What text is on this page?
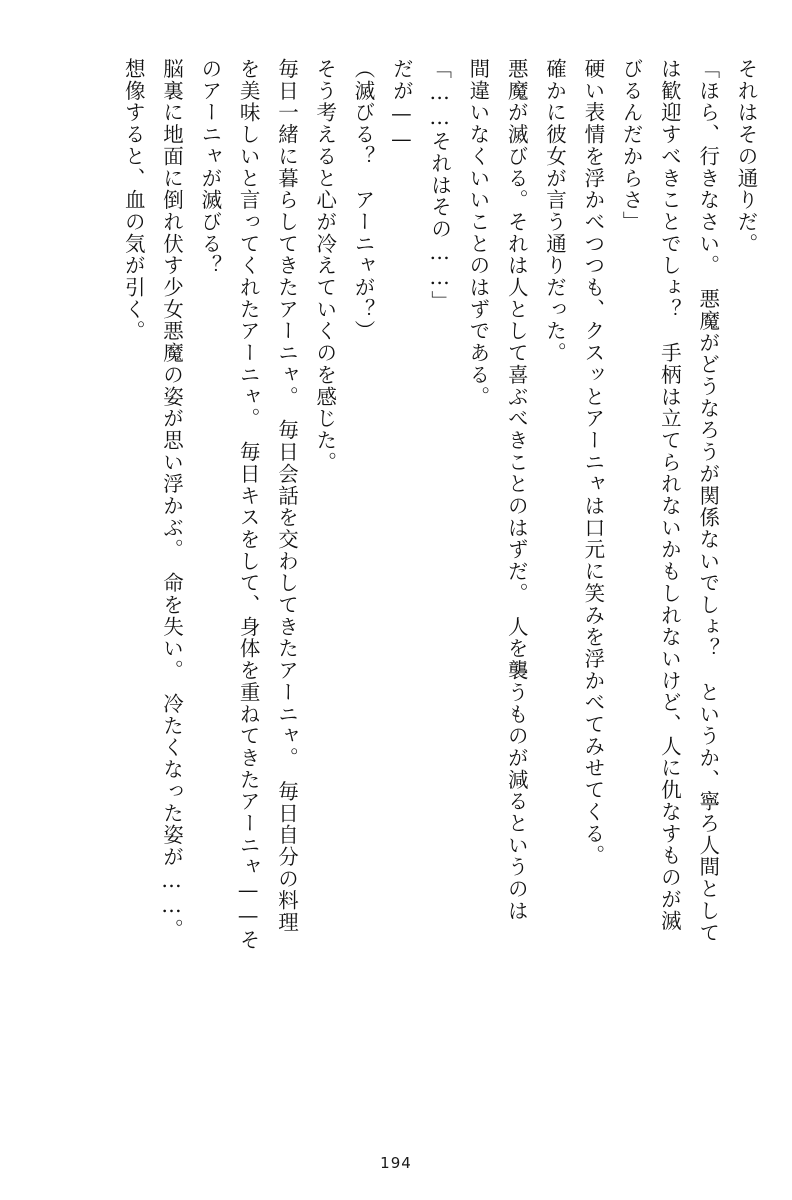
それはその通りだ。
「ほら、行きなさい。　悪魔がどうなろうが関係ないでしょ？　というか、寧ろ人間として
は歓迎すべきことでしょ？　手柄は立てられないかもしれないけど、人に仇なすものが滅
びるんだからさ」
硬い表情を浮かべつつも、クスッとアーニャは口元に笑みを浮かべてみせてくる。
確かに彼女が言う通りだった。
悪魔が滅びる。それは人として喜ぶべきことのはずだ。　人を襲うものが減るというのは
間違いなくいいことのはずである。
「……それはその……」
だが——
（滅びる？　アーニャが？）
そう考えると心が冷えていくのを感じた。
毎日一緒に暮らしてきたアーニャ。　毎日会話を交わしてきたアーニャ。　毎日自分の料理
を美味しいと言ってくれたアーニャ。　毎日キスをして、身体を重ねてきたアーニャ——そ
のアーニャが滅びる？
脳裏に地面に倒れ伏す少女悪魔の姿が思い浮かぶ。　命を失い。　冷たくなった姿が……。
想像すると、血の気が引く。
194
